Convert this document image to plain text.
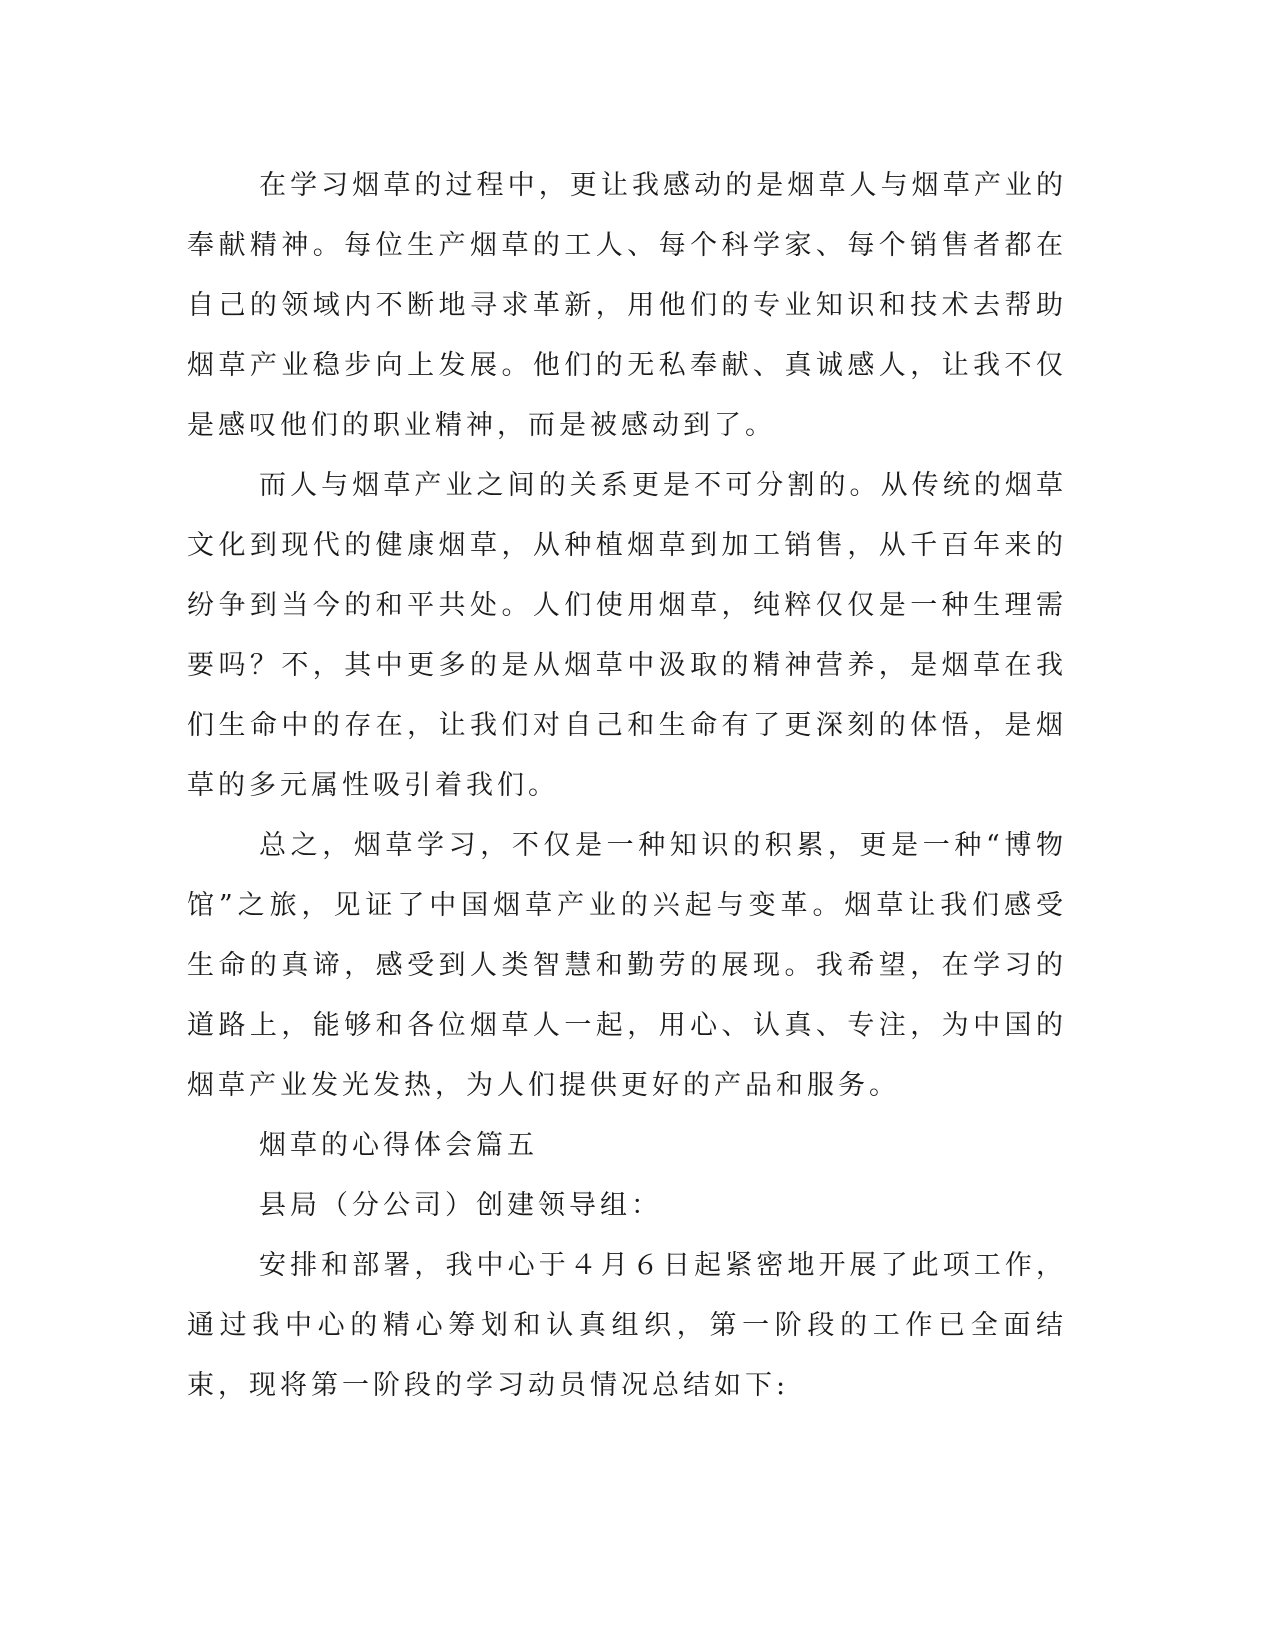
在学习烟草的过程中，更让我感动的是烟草人与烟草产业的奉献精神。每位生产烟草的工人、每个科学家、每个销售者都在自己的领域内不断地寻求革新，用他们的专业知识和技术去帮助烟草产业稳步向上发展。他们的无私奉献、真诚感人，让我不仅是感叹他们的职业精神，而是被感动到了。

而人与烟草产业之间的关系更是不可分割的。从传统的烟草文化到现代的健康烟草，从种植烟草到加工销售，从千百年来的纷争到当今的和平共处。人们使用烟草，纯粹仅仅是一种生理需要吗？不，其中更多的是从烟草中汲取的精神营养，是烟草在我们生命中的存在，让我们对自己和生命有了更深刻的体悟，是烟草的多元属性吸引着我们。

总之，烟草学习，不仅是一种知识的积累，更是一种“博物馆”之旅，见证了中国烟草产业的兴起与变革。烟草让我们感受生命的真谛，感受到人类智慧和勤劳的展现。我希望，在学习的道路上，能够和各位烟草人一起，用心、认真、专注，为中国的烟草产业发光发热，为人们提供更好的产品和服务。

烟草的心得体会篇五

县局（分公司）创建领导组：

安排和部署，我中心于４月６日起紧密地开展了此项工作，通过我中心的精心筹划和认真组织，第一阶段的工作已全面结束，现将第一阶段的学习动员情况总结如下:
